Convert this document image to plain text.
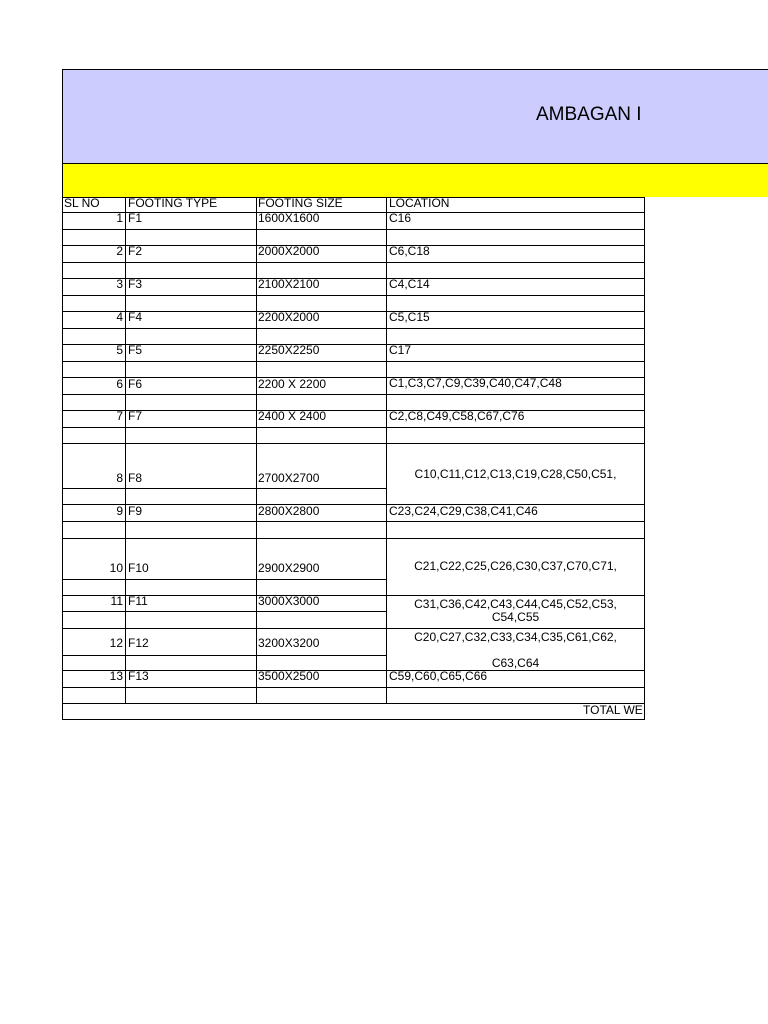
AMBAGAN I
SL NO	FOOTING TYPE	FOOTING SIZE	LOCATION
1 F1	1600X1600	C16
2 F2	2000X2000	C6,C18
3 F3	2100X2100	C4,C14
4 F4	2200X2000	C5,C15
5 F5	2250X2250	C17
6 F6	2200 X 2200	C1,C3,C7,C9,C39,C40,C47,C48
7 F7	2400 X 2400	C2,C8,C49,C58,C67,C76
8 F8	2700X2700	C10,C11,C12,C13,C19,C28,C50,C51,
9 F9	2800X2800	C23,C24,C29,C38,C41,C46
10 F10	2900X2900	C21,C22,C25,C26,C30,C37,C70,C71,
11 F11	3000X3000	C31,C36,C42,C43,C44,C45,C52,C53,
C54,C55
12 F12	3200X3200	C20,C27,C32,C33,C34,C35,C61,C62,
C63,C64
13 F13	3500X2500	C59,C60,C65,C66
TOTAL WE
